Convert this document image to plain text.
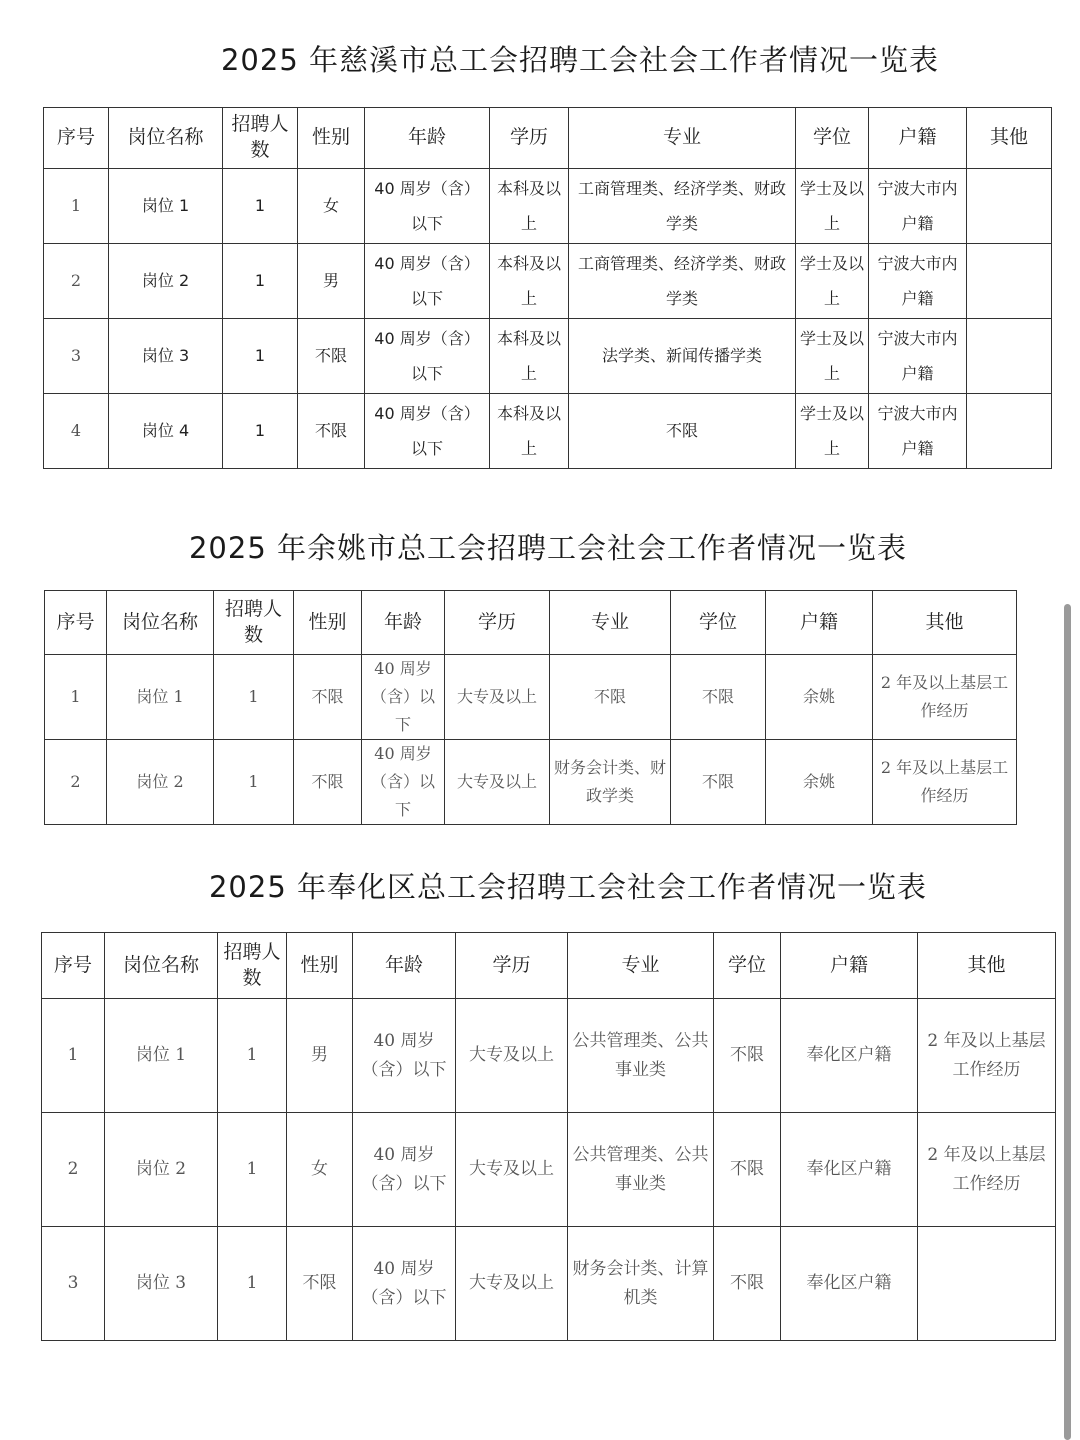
2025 年慈溪市总工会招聘工会社会工作者情况一览表
序号	岗位名称	招聘人数	性别	年龄	学历	专业	学位	户籍	其他
1	岗位 1	1	女	40 周岁（含）以下	本科及以上	工商管理类、经济学类、财政学类	学士及以上	宁波大市内户籍	
2	岗位 2	1	男	40 周岁（含）以下	本科及以上	工商管理类、经济学类、财政学类	学士及以上	宁波大市内户籍	
3	岗位 3	1	不限	40 周岁（含）以下	本科及以上	法学类、新闻传播学类	学士及以上	宁波大市内户籍	
4	岗位 4	1	不限	40 周岁（含）以下	本科及以上	不限	学士及以上	宁波大市内户籍	
2025 年余姚市总工会招聘工会社会工作者情况一览表
序号	岗位名称	招聘人数	性别	年龄	学历	专业	学位	户籍	其他
1	岗位 1	1	不限	40 周岁（含）以下	大专及以上	不限	不限	余姚	2 年及以上基层工作经历
2	岗位 2	1	不限	40 周岁（含）以下	大专及以上	财务会计类、财政学类	不限	余姚	2 年及以上基层工作经历
2025 年奉化区总工会招聘工会社会工作者情况一览表
序号	岗位名称	招聘人数	性别	年龄	学历	专业	学位	户籍	其他
1	岗位 1	1	男	40 周岁（含）以下	大专及以上	公共管理类、公共事业类	不限	奉化区户籍	2 年及以上基层工作经历
2	岗位 2	1	女	40 周岁（含）以下	大专及以上	公共管理类、公共事业类	不限	奉化区户籍	2 年及以上基层工作经历
3	岗位 3	1	不限	40 周岁（含）以下	大专及以上	财务会计类、计算机类	不限	奉化区户籍	
